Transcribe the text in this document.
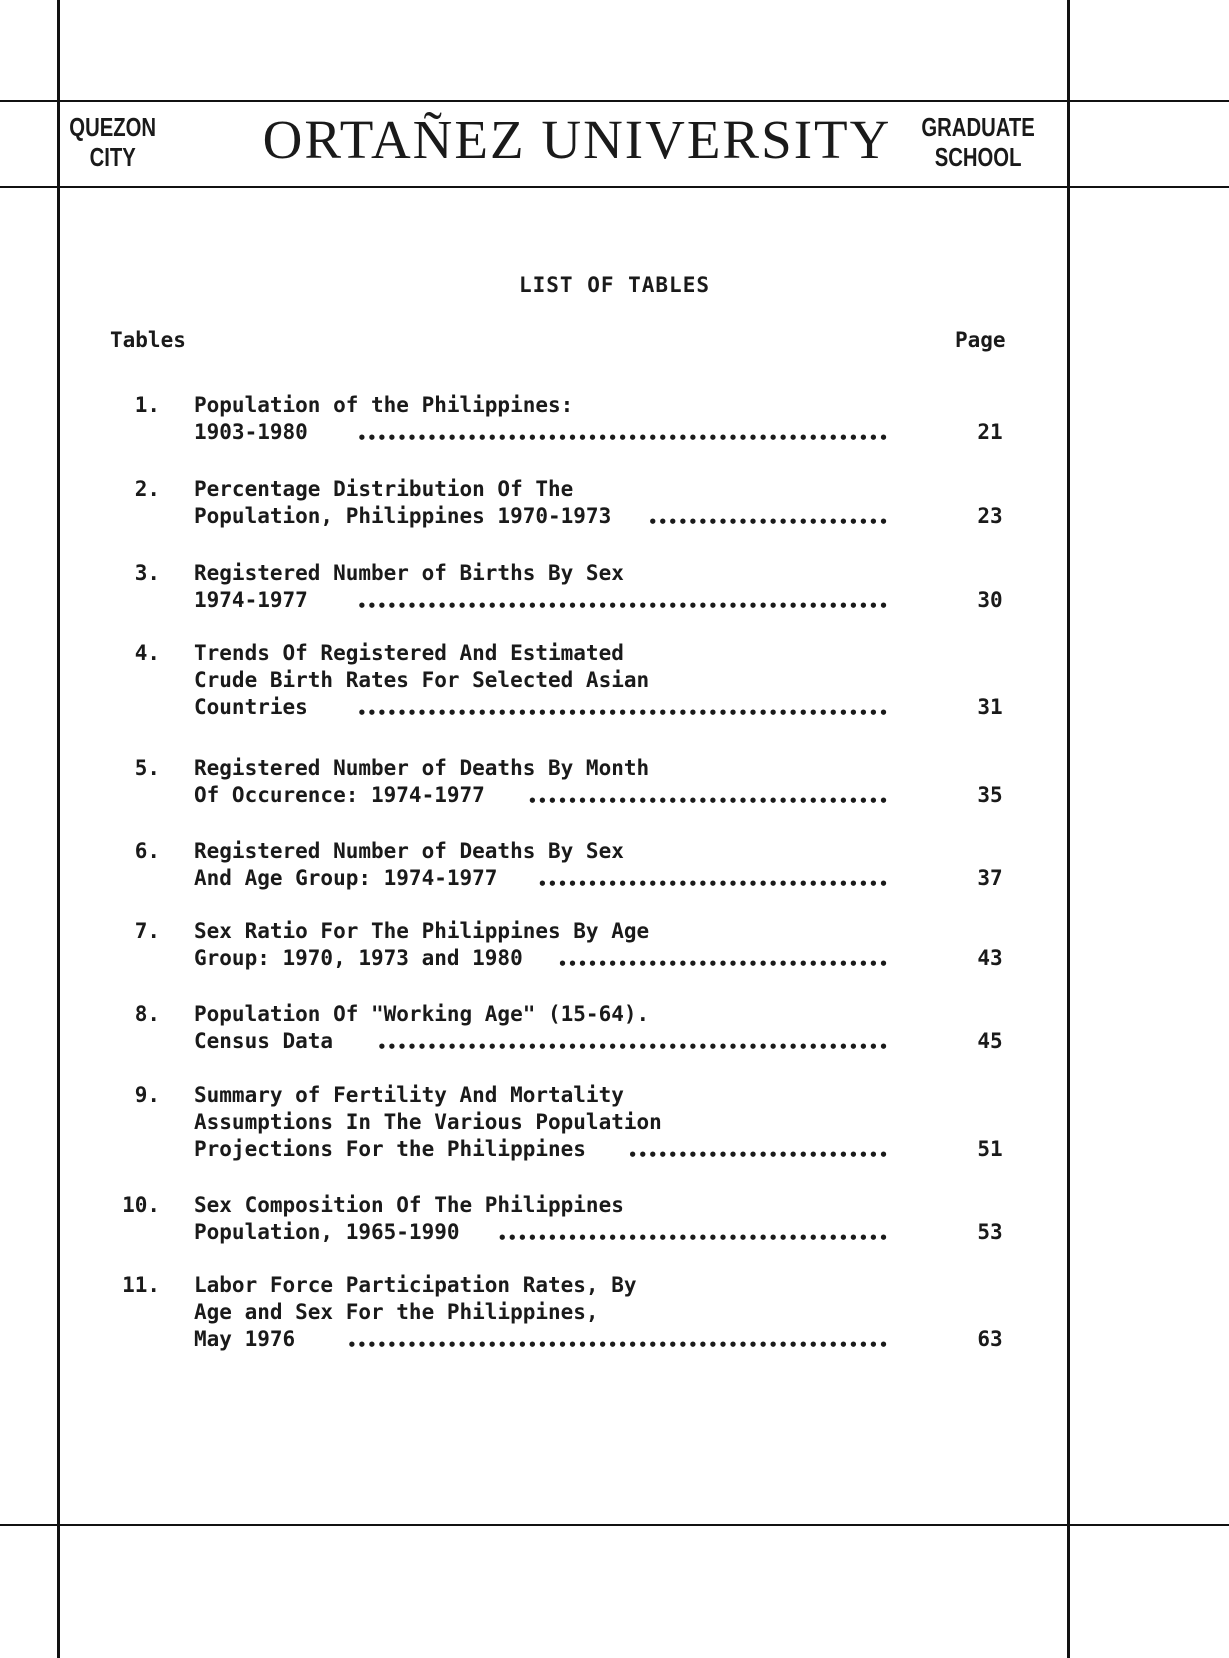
QUEZON
CITY	ORTAÑEZ UNIVERSITY	GRADUATE
SCHOOL
LIST OF TABLES
Tables	Page
1. Population of the Philippines:
1903-1980	•••••••••••••••••••••••••••••••••••••••••••••••••••••	21
2. Percentage Distribution Of The
Population, Philippines 1970-1973	••••••••••••••••••••••••	23
3. Registered Number of Births By Sex
1974-1977	•••••••••••••••••••••••••••••••••••••••••••••••••••••	30
4. Trends Of Registered And Estimated
Crude Birth Rates For Selected Asian
Countries	•••••••••••••••••••••••••••••••••••••••••••••••••••••	31
5. Registered Number of Deaths By Month
Of Occurence: 1974-1977	••••••••••••••••••••••••••••••••••••	35
6. Registered Number of Deaths By Sex
And Age Group: 1974-1977	•••••••••••••••••••••••••••••••••••	37
7. Sex Ratio For The Philippines By Age
Group: 1970, 1973 and 1980	•••••••••••••••••••••••••••••••••	43
8. Population Of "Working Age" (15-64).
Census Data	•••••••••••••••••••••••••••••••••••••••••••••••••••	45
9. Summary of Fertility And Mortality
Assumptions In The Various Population
Projections For the Philippines	••••••••••••••••••••••••••	51
10. Sex Composition Of The Philippines
Population, 1965-1990	•••••••••••••••••••••••••••••••••••••••	53
11. Labor Force Participation Rates, By
Age and Sex For the Philippines,
May 1976	••••••••••••••••••••••••••••••••••••••••••••••••••••••	63
